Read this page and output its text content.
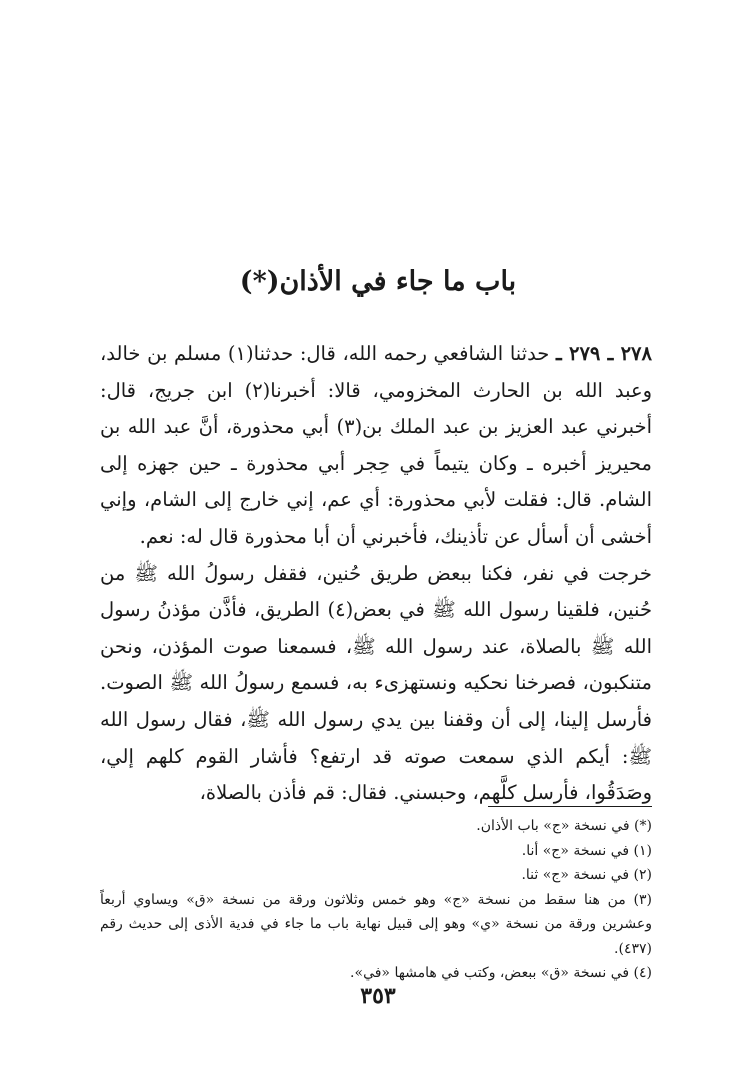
باب ما جاء في الأذان(*)

٢٧٨ ـ ٢٧٩ ـ حدثنا الشافعي رحمه الله، قال: حدثنا(١) مسلم بن خالد، وعبد الله بن الحارث المخزومي، قالا: أخبرنا(٢) ابن جريج، قال: أخبرني عبد العزيز بن عبد الملك بن(٣) أبي محذورة، أنَّ عبد الله بن محيريز أخبره ـ وكان يتيماً في حِجر أبي محذورة ـ حين جهزه إلى الشام. قال: فقلت لأبي محذورة: أي عم، إني خارج إلى الشام، وإني أخشى أن أسأل عن تأذينك، فأخبرني أن أبا محذورة قال له: نعم.

خرجت في نفر، فكنا ببعض طريق حُنين، فقفل رسولُ الله ﷺ من حُنين، فلقينا رسول الله ﷺ في بعض(٤) الطريق، فأذَّن مؤذنُ رسول الله ﷺ بالصلاة، عند رسول الله ﷺ، فسمعنا صوت المؤذن، ونحن متنكبون، فصرخنا نحكيه ونستهزىء به، فسمع رسولُ الله ﷺ الصوت. فأرسل إلينا، إلى أن وقفنا بين يدي رسول الله ﷺ، فقال رسول الله ﷺ: أيكم الذي سمعت صوته قد ارتفع؟ فأشار القوم كلهم إلي، وصَدَقُوا، فأرسل كلَّهم، وحبسني. فقال: قم فأذن بالصلاة،

(*) في نسخة «ج» باب الأذان.
(١) في نسخة «ج» أنا.
(٢) في نسخة «ج» ثنا.
(٣) من هنا سقط من نسخة «ج» وهو خمس وثلاثون ورقة من نسخة «ق» ويساوي أربعاً وعشرين ورقة من نسخة «ي» وهو إلى قبيل نهاية باب ما جاء في فدية الأذى إلى حديث رقم (٤٣٧).
(٤) في نسخة «ق» ببعض، وكتب في هامشها «في».
٣٥٣
